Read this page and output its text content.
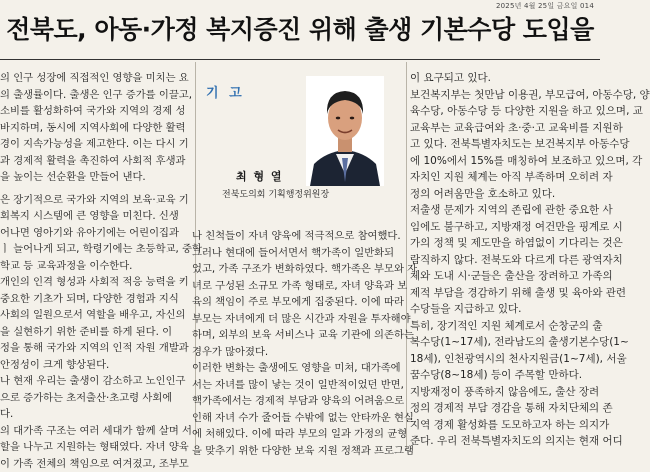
2025년 4월 25일 금요일 014
전북도, 아동·가정 복지증진 위해 출생 기본수당 도입을
의 인구 성장에 직접적인 영향을 미치는 요
의 출생률이다. 출생은 인구 증가를 이끌고,
소비를 활성화하여 국가와 지역의 경제 성
바지하며, 동시에 지역사회에 다양한 활력
경이 지속가능성을 제고한다. 이는 다시 기
과 경제적 활력을 촉진하여 사회적 후생과
을 높이는 선순환을 만들어 낸다.
은 장기적으로 국가와 지역의 보육·교육 기
회복지 시스템에 큰 영향을 미친다. 신생
어나면 영아기와 유아기에는 어린이집과
ㅣ 늘어나게 되고, 학령기에는 초등학교, 중학
학교 등 교육과정을 이수한다.
개인의 인격 형성과 사회적 적응 능력을 키
중요한 기초가 되며, 다양한 경험과 지식
사회의 일원으로서 역할을 배우고, 자신의
을 실현하기 위한 준비를 하게 된다. 이
정을 통해 국가와 지역의 인적 자원 개발과
안정성이 크게 향상된다.
나 현재 우리는 출생이 감소하고 노인인구
으로 증가하는 초저출산·초고령 사회에
다.
의 대가족 구조는 여러 세대가 함께 살며 서
할을 나누고 지원하는 형태였다. 자녀 양육
이 가족 전체의 책임으로 여겨졌고, 조부모
기 고
최 형 열
전북도의회 기획행정위원장
나 친척들이 자녀 양육에 적극적으로 참여했다.
그러나 현대에 들어서면서 핵가족이 일반화되
었고, 가족 구조가 변화하였다. 핵가족은 부모와 자
녀로 구성된 소규모 가족 형태로, 자녀 양육과 보
육의 책임이 주로 부모에게 집중된다. 이에 따라
부모는 자녀에게 더 많은 시간과 자원을 투자해야
하며, 외부의 보육 서비스나 교육 기관에 의존하는
경우가 많아졌다.
이러한 변화는 출생에도 영향을 미쳐, 대가족에
서는 자녀를 많이 낳는 것이 일반적이었던 반면,
핵가족에서는 경제적 부담과 양육의 어려움으로
인해 자녀 수가 줄어들 수밖에 없는 안타까운 현실
에 처해있다. 이에 따라 부모의 일과 가정의 균형
을 맞추기 위한 다양한 보육 지원 정책과 프로그램
이 요구되고 있다.
보건복지부는 첫만남 이용권, 부모급여, 아동수당, 양
육수당, 아동수당 등 다양한 지원을 하고 있으며, 교
교육부는 교육급여와 초·중·고 교육비를 지원하
고 있다. 전북특별자치도는 보건복지부 아동수당
에 10%에서 15%를 매칭하여 보조하고 있으며, 각
자치인 지원 체계는 아직 부족하며 오히려 자
정의 어려움만을 호소하고 있다.
저출생 문제가 지역의 존립에 관한 중요한 사
임에도 불구하고, 지방재정 여건만을 핑계로 시
가의 정책 및 제도만을 하염없이 기다리는 것은
람직하지 않다. 전북도와 다르게 다른 광역자치
체와 도내 시·군들은 출산을 장려하고 가족의
제적 부담을 경감하기 위해 출생 및 육아와 관련
수당들을 지급하고 있다.
특히, 장기적인 지원 체계로서 순창군의 출
복수당(1~17세), 전라남도의 출생기본수당(1~
18세), 인천광역시의 천사지원금(1~7세), 서울
꿈수당(8~18세) 등이 주목할 만하다.
지방재정이 풍족하지 않음에도, 출산 장려
정의 경제적 부담 경감을 통해 자치단체의 존
지역 경제 활성화를 도모하고자 하는 의지가
준다. 우리 전북특별자치도의 의지는 현재 어디
